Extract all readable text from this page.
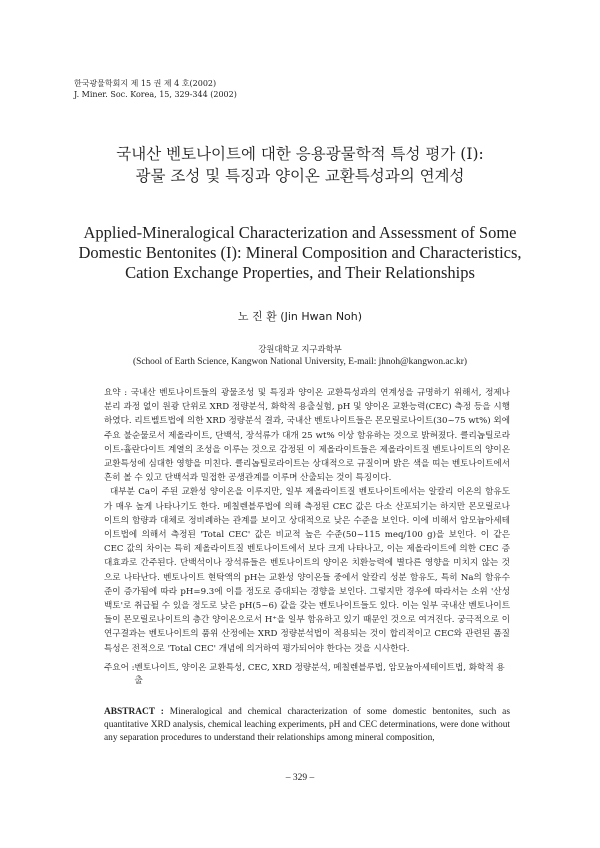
한국광물학회지 제 15 권 제 4 호(2002)
J. Miner. Soc. Korea, 15, 329-344 (2002)
국내산 벤토나이트에 대한 응용광물학적 특성 평가 (I):
광물 조성 및 특징과 양이온 교환특성과의 연계성
Applied-Mineralogical Characterization and Assessment of Some
Domestic Bentonites (I): Mineral Composition and Characteristics,
Cation Exchange Properties, and Their Relationships
노 진 환 (Jin Hwan Noh)
강원대학교 지구과학부
(School of Earth Science, Kangwon National University, E-mail: jhnoh@kangwon.ac.kr)

요약 : 국내산 벤토나이트들의 광물조성 및 특징과 양이온 교환특성과의 연계성을 규명하기 위해서, 정제나 분리 과정 없이 원광 단위로 XRD 정량분석, 화학적 용출실험, pH 및 양이온 교환능력(CEC) 측정 등을 시행하였다. 리트벨트법에 의한 XRD 정량분석 결과, 국내산 벤토나이트들은 몬모릴로나이트(30~75 wt%) 외에 주요 불순물로서 제올라이트, 단백석, 장석류가 대개 25 wt% 이상 함유하는 것으로 밝혀졌다. 클리놉틸로라이트-휼란다이트 계열의 조성을 이루는 것으로 감정된 이 제올라이트들은 제올라이트질 벤토나이트의 양이온 교환특성에 심대한 영향을 미친다. 클리놉틸로라이트는 상대적으로 규질이며 밝은 색을 띠는 벤토나이트에서 흔히 볼 수 있고 단백석과 밀접한 공생관계를 이루며 산출되는 것이 특징이다.

대부분 Ca이 주된 교환성 양이온을 이루지만, 일부 제올라이트질 벤토나이트에서는 알칼리 이온의 함유도가 매우 높게 나타나기도 한다. 메칠렌블루법에 의해 측정된 CEC 값은 다소 산포되기는 하지만 몬모릴로나이트의 함량과 대체로 정비례하는 관계를 보이고 상대적으로 낮은 수준을 보인다. 이에 비해서 암모늄아세테이트법에 의해서 측정된 'Total CEC' 값은 비교적 높은 수준(50~115 meq/100 g)을 보인다. 이 같은 CEC 값의 차이는 특히 제올라이트질 벤토나이트에서 보다 크게 나타나고, 이는 제올라이트에 의한 CEC 증대효과로 간주된다. 단백석이나 장석류들은 벤토나이트의 양이온 치환능력에 별다른 영향을 미치지 않는 것으로 나타난다. 벤토나이트 현탁액의 pH는 교환성 양이온들 중에서 알칼리 성분 함유도, 특히 Na의 함유수준이 증가됨에 따라 pH=9.3에 이를 정도로 증대되는 경향을 보인다. 그렇지만 경우에 따라서는 소위 '산성백토'로 취급될 수 있을 정도로 낮은 pH(5~6) 값을 갖는 벤토나이트들도 있다. 이는 일부 국내산 벤토나이트들이 몬모릴로나이트의 층간 양이온으로서 H⁺을 일부 함유하고 있기 때문인 것으로 여겨진다. 궁극적으로 이 연구결과는 벤토나이트의 품위 산정에는 XRD 정량분석법이 적용되는 것이 합리적이고 CEC와 관련된 품질 특성은 전적으로 'Total CEC' 개념에 의거하여 평가되어야 한다는 것을 시사한다.

주요어 : 벤토나이트, 양이온 교환특성, CEC, XRD 정량분석, 메칠렌블루법, 암모늄아세테이트법, 화학적 용출
ABSTRACT : Mineralogical and chemical characterization of some domestic bentonites, such as quantitative XRD analysis, chemical leaching experiments, pH and CEC determinations, were done without any separation procedures to understand their relationships among mineral composition,
– 329 –
